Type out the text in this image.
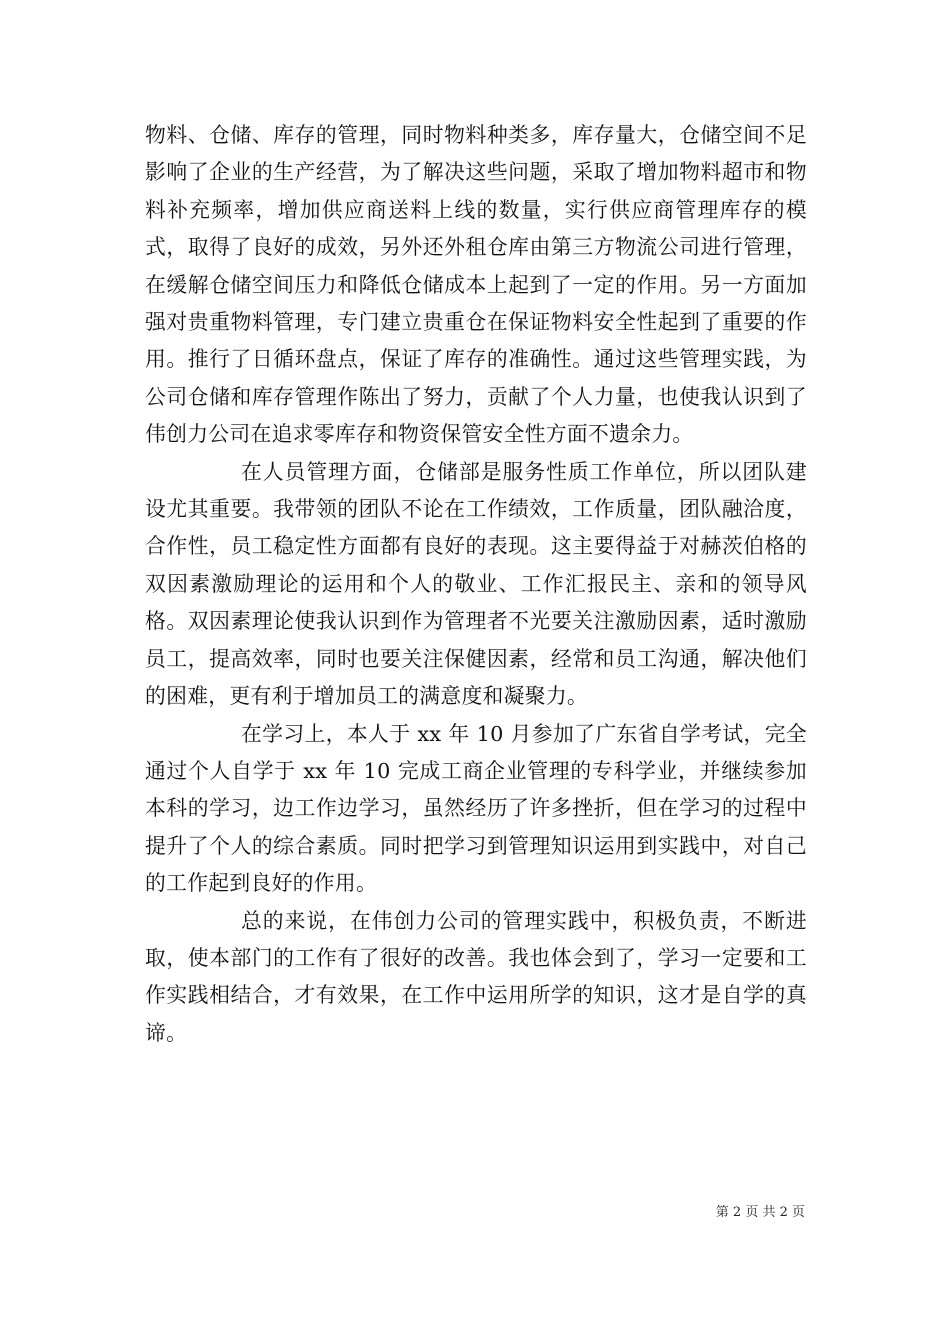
物料、仓储、库存的管理，同时物料种类多，库存量大，仓储空间不足影响了企业的生产经营，为了解决这些问题，采取了增加物料超市和物料补充频率，增加供应商送料上线的数量，实行供应商管理库存的模式，取得了良好的成效，另外还外租仓库由第三方物流公司进行管理，在缓解仓储空间压力和降低仓储成本上起到了一定的作用。另一方面加强对贵重物料管理，专门建立贵重仓在保证物料安全性起到了重要的作用。推行了日循环盘点，保证了库存的准确性。通过这些管理实践，为公司仓储和库存管理作陈出了努力，贡献了个人力量，也使我认识到了伟创力公司在追求零库存和物资保管安全性方面不遗余力。

在人员管理方面，仓储部是服务性质工作单位，所以团队建设尤其重要。我带领的团队不论在工作绩效，工作质量，团队融洽度，合作性，员工稳定性方面都有良好的表现。这主要得益于对赫茨伯格的双因素激励理论的运用和个人的敬业、工作汇报民主、亲和的领导风格。双因素理论使我认识到作为管理者不光要关注激励因素，适时激励员工，提高效率，同时也要关注保健因素，经常和员工沟通，解决他们的困难，更有利于增加员工的满意度和凝聚力。

在学习上，本人于 xx 年 10 月参加了广东省自学考试，完全通过个人自学于 xx 年 10 完成工商企业管理的专科学业，并继续参加本科的学习，边工作边学习，虽然经历了许多挫折，但在学习的过程中提升了个人的综合素质。同时把学习到管理知识运用到实践中，对自己的工作起到良好的作用。

总的来说，在伟创力公司的管理实践中，积极负责，不断进取，使本部门的工作有了很好的改善。我也体会到了，学习一定要和工作实践相结合，才有效果，在工作中运用所学的知识，这才是自学的真谛。

第 2 页 共 2 页
